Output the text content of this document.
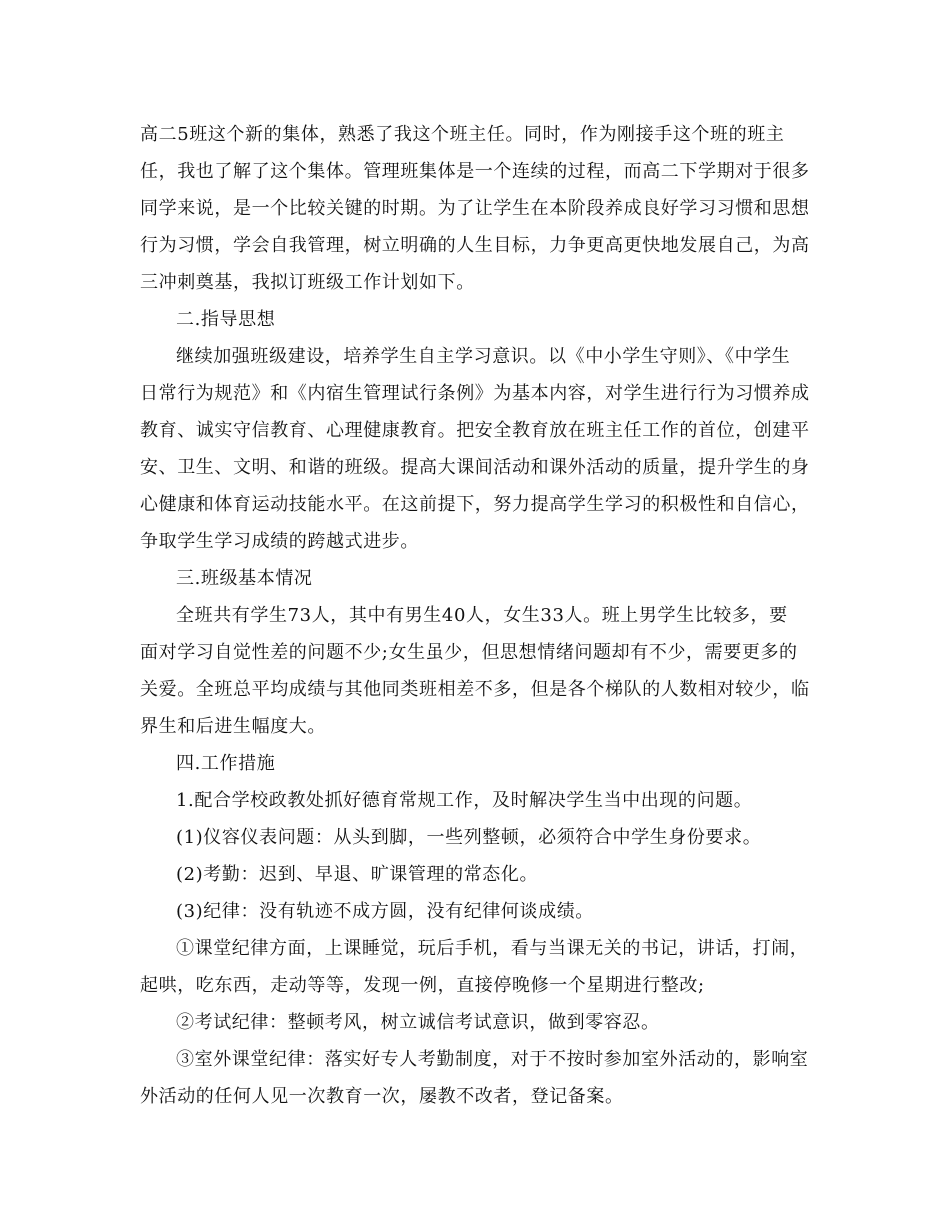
高二5班这个新的集体，熟悉了我这个班主任。同时，作为刚接手这个班的班主
任，我也了解了这个集体。管理班集体是一个连续的过程，而高二下学期对于很多
同学来说，是一个比较关键的时期。为了让学生在本阶段养成良好学习习惯和思想
行为习惯，学会自我管理，树立明确的人生目标，力争更高更快地发展自己，为高
三冲刺奠基，我拟订班级工作计划如下。
二.指导思想
继续加强班级建设，培养学生自主学习意识。以《中小学生守则》、《中学生
日常行为规范》和《内宿生管理试行条例》为基本内容，对学生进行行为习惯养成
教育、诚实守信教育、心理健康教育。把安全教育放在班主任工作的首位，创建平
安、卫生、文明、和谐的班级。提高大课间活动和课外活动的质量，提升学生的身
心健康和体育运动技能水平。在这前提下，努力提高学生学习的积极性和自信心，
争取学生学习成绩的跨越式进步。
三.班级基本情况
全班共有学生73人，其中有男生40人，女生33人。班上男学生比较多，要
面对学习自觉性差的问题不少;女生虽少，但思想情绪问题却有不少，需要更多的
关爱。全班总平均成绩与其他同类班相差不多，但是各个梯队的人数相对较少，临
界生和后进生幅度大。
四.工作措施
1.配合学校政教处抓好德育常规工作，及时解决学生当中出现的问题。
(1)仪容仪表问题：从头到脚，一些列整顿，必须符合中学生身份要求。
(2)考勤：迟到、早退、旷课管理的常态化。
(3)纪律：没有轨迹不成方圆，没有纪律何谈成绩。
①课堂纪律方面，上课睡觉，玩后手机，看与当课无关的书记，讲话，打闹，
起哄，吃东西，走动等等，发现一例，直接停晚修一个星期进行整改;
②考试纪律：整顿考风，树立诚信考试意识，做到零容忍。
③室外课堂纪律：落实好专人考勤制度，对于不按时参加室外活动的，影响室
外活动的任何人见一次教育一次，屡教不改者，登记备案。
